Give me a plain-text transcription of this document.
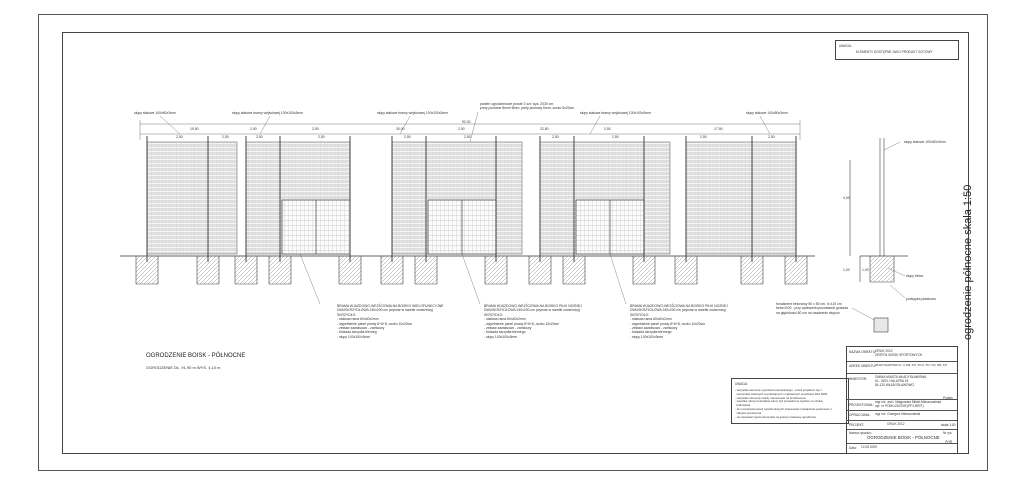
UWAGA:
ELEMENTY DOSTĘPNE JAKO PRODUKT GOTOWY
ogrodzenie północne skala 1:50
słupy stalowe 100x50x3mm	słupy stalowe bramy wejściowej 100x100x3mm	słupy stalowe bramy wejściowej 100x100x3mm
panele ogrodzeniowe proste 2 szt. wys. 2030 cm
prety poziome 8mm+8mm, prety pionowy 6mm, oczko 5x20cm
słupy stalowe bramy wejściowej 100x100x3mm	słupy stalowe 100x50x3mm
słupy stalowe 100x50x3mm
słupy beton
podsypka piaskowa
fundament betonowy 50 x 50 cm, h=110 cm
beton B20 - przy wylewaniu pozostawić gniazda
na głębokości 80 cm na osadzenie słupów
19,50	2,50	2,50	30,00	2,50	22,50	2,50	17,90
92,00
2,50	2,50	2,50	2,50	2,50	2,50	2,50	2,50	2,50	2,50
4,00
1,00	1,00
BRAMA WJAZDOWO-WEJŚCIOWA NA BOISKO WIELOFUNKCYJNE
DWUSKRZYDŁOWA 240x200 cm (wymiar w świetle ościeżnicy)
SKRZYDŁO:
- stalowa rama 60x40x2mm
- wypełnienie panel prosty 8+6+8, oczko 10x20cm
- zestaw zawiasowo - zamkowy
- blokada skrzydła bierneg
- słupy 100x100x3mm
BRAMA WJAZDOWO-WEJŚCIOWA NA BOISKO PIŁKI NOŻNEJ
DWUSKRZYDŁOWA 240x200 cm (wymiar w świetle ościeżnicy)
SKRZYDŁO:
- stalowa rama 60x40x2mm
- wypełnienie panel prosty 8+6+8, oczko 10x20cm
- zestaw zawiasowo - zamkowy
- blokada skrzydła biernego
- słupy 100x100x3mm
BRAMA WJAZDOWO-WEJŚCIOWA NA BOISKO PIŁKI NOŻNEJ
DWUSKRZYDŁOWA 240x200 cm (wymiar w świetle ościeżnicy)
SKRZYDŁO:
- stalowa rama 60x40x2mm
- wypełnienie panel prosty 8+6+8, oczko 10x20cm
- zestaw zawiasowo - zamkowy
- blokada skrzydła biernego
- słupy 100x100x3mm
OGRODZENIE BOISK - PÓŁNOCNE
OGRODZENIE DŁ. 91,90 m WYS. 4,10 m
UWAGA:
- wszystkie elementy ogrodzenia stemplowego - przed projektem się z
elementów stalowych ocynkowanych i malowanych proszkowo RAL 6005
- wszystkie elementy należy zamocować na fundamencie
- wszelkie roboty budowlane winny być prowadzone zgodnie ze sztuką
budowlaną
- do mocowania paneli ogrodzeniowych zastosować rozwiązania systemowe z
zakresu producenta
- nie stosować cięcia elementów na gotowy towarowy ogrodzenia
NAZWA OBIEKTU: ORLIK 2012
ZESPÓŁ BOISK SPORTOWYCH
ADRES OBIEKTU: WŁADYSŁAWOWO dz. nr 369, 370, 371/1, 372, 373, 380, 470
INWESTOR: GMINA MIASTA WŁADYSŁAWOWA
UL. GEN. HALLERA 19
84-120 WŁADYSŁAWOWO
Podpis
PROJEKTOWAŁ:
mgr inż. arch. Małgorzata Mikiel-Mieszczańska
upr. nr POM/123/2009 (PPJ-BRIT)
OPRACOWAŁ: mgr inż. Grzegorz Mieszczański
PROJEKT:	ORLIK 2012	skala 1:50
Nazwa rysunku:	Nr rys.
OGRODZENIE BOISK - PÓŁNOCNE
A-6
Data: 12.05.2009
